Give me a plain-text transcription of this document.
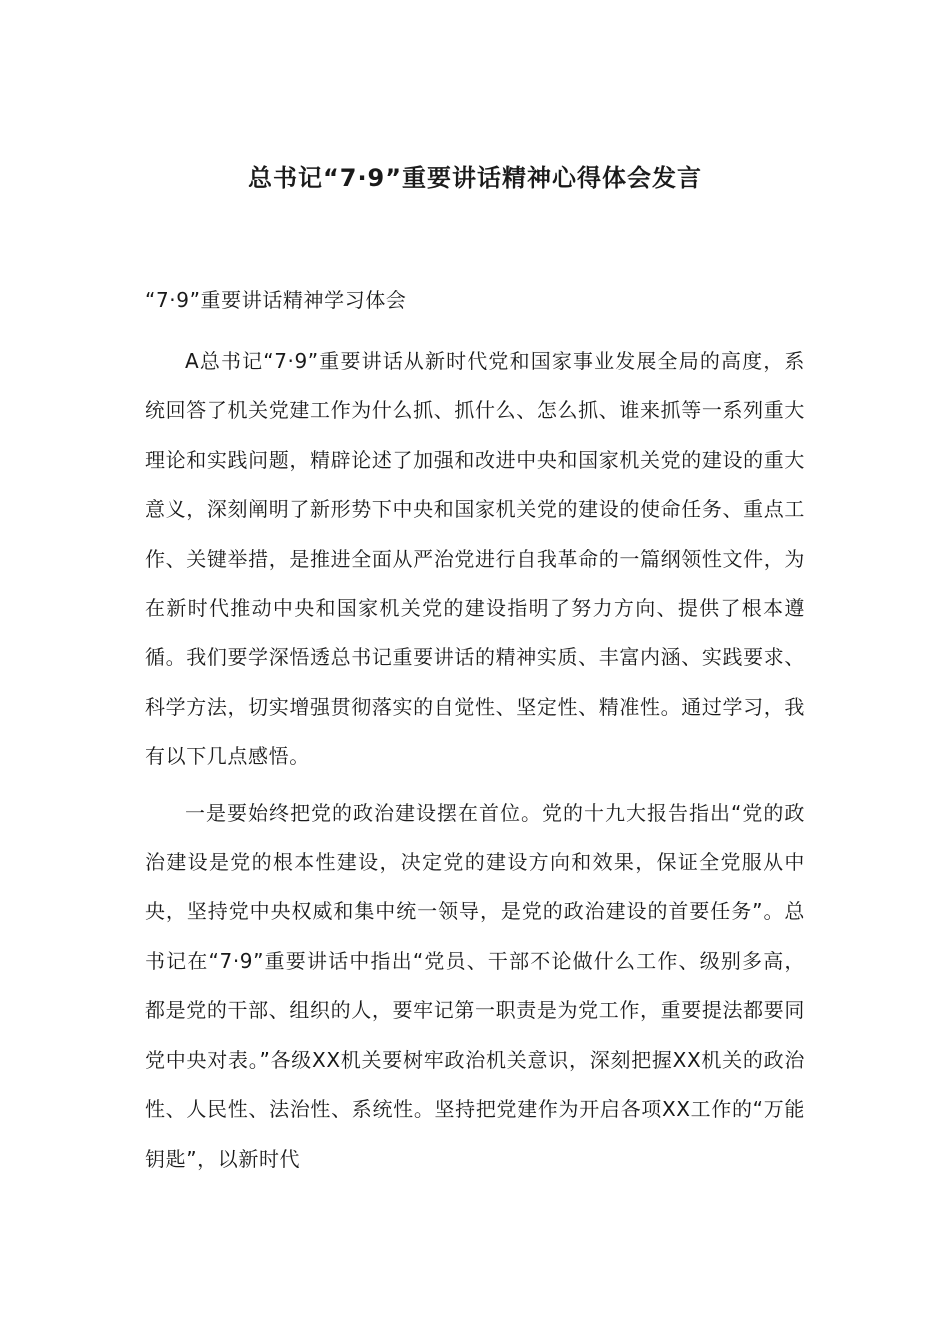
总书记“7·9”重要讲话精神心得体会发言

“7·9”重要讲话精神学习体会

A总书记“7·9”重要讲话从新时代党和国家事业发展全局的高度，系统回答了机关党建工作为什么抓、抓什么、怎么抓、谁来抓等一系列重大理论和实践问题，精辟论述了加强和改进中央和国家机关党的建设的重大意义，深刻阐明了新形势下中央和国家机关党的建设的使命任务、重点工作、关键举措，是推进全面从严治党进行自我革命的一篇纲领性文件，为在新时代推动中央和国家机关党的建设指明了努力方向、提供了根本遵循。我们要学深悟透总书记重要讲话的精神实质、丰富内涵、实践要求、科学方法，切实增强贯彻落实的自觉性、坚定性、精准性。通过学习，我有以下几点感悟。

一是要始终把党的政治建设摆在首位。党的十九大报告指出“党的政治建设是党的根本性建设，决定党的建设方向和效果，保证全党服从中央，坚持党中央权威和集中统一领导，是党的政治建设的首要任务”。总书记在“7·9”重要讲话中指出“党员、干部不论做什么工作、级别多高，都是党的干部、组织的人，要牢记第一职责是为党工作，重要提法都要同党中央对表。”各级XX机关要树牢政治机关意识，深刻把握XX机关的政治性、人民性、法治性、系统性。坚持把党建作为开启各项XX工作的“万能钥匙”，以新时代
